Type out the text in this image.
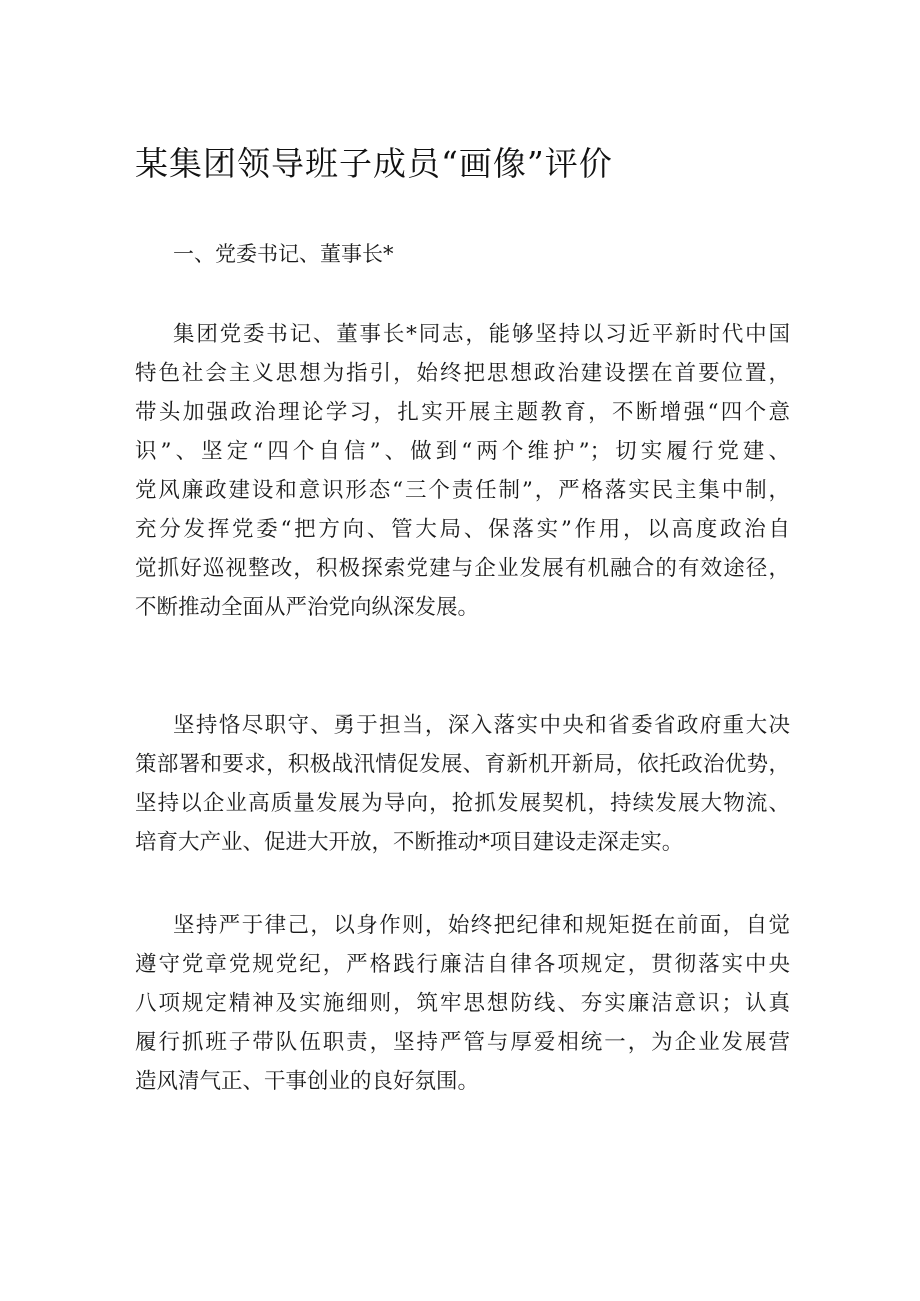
某集团领导班子成员“画像”评价
一、党委书记、董事长*

集团党委书记、董事长*同志，能够坚持以习近平新时代中国
特色社会主义思想为指引，始终把思想政治建设摆在首要位置，
带头加强政治理论学习，扎实开展主题教育，不断增强“四个意
识”、坚定“四个自信”、做到“两个维护”；切实履行党建、
党风廉政建设和意识形态“三个责任制”，严格落实民主集中制，
充分发挥党委“把方向、管大局、保落实”作用，以高度政治自
觉抓好巡视整改，积极探索党建与企业发展有机融合的有效途径，
不断推动全面从严治党向纵深发展。

坚持恪尽职守、勇于担当，深入落实中央和省委省政府重大决
策部署和要求，积极战汛情促发展、育新机开新局，依托政治优势，
坚持以企业高质量发展为导向，抢抓发展契机，持续发展大物流、
培育大产业、促进大开放，不断推动*项目建设走深走实。

坚持严于律己，以身作则，始终把纪律和规矩挺在前面，自觉
遵守党章党规党纪，严格践行廉洁自律各项规定，贯彻落实中央
八项规定精神及实施细则，筑牢思想防线、夯实廉洁意识；认真
履行抓班子带队伍职责，坚持严管与厚爱相统一，为企业发展营
造风清气正、干事创业的良好氛围。
